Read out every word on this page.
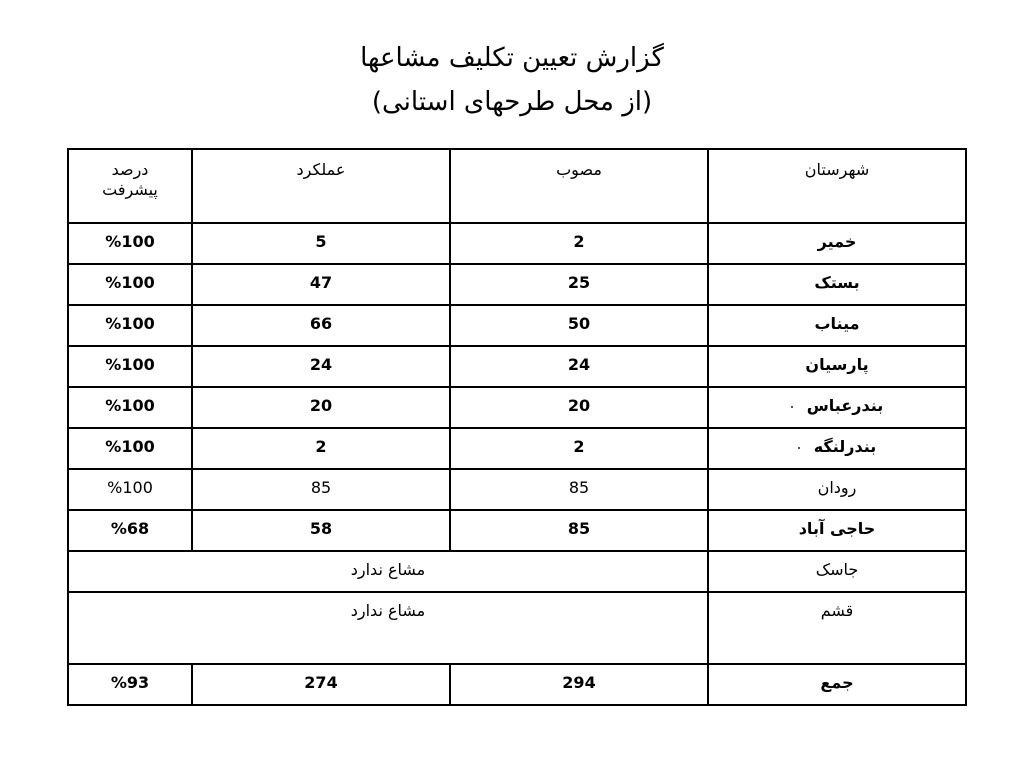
گزارش تعیین تکلیف مشاعها
(از محل طرحهای استانی)
شهرستان	مصوب	عملکرد	درصد
پیشرفت

خمیر	2	5	%100
بستک	25	47	%100
میناب	50	66	%100
پارسیان	24	24	%100
بندرعباس	20	20	%100
بندرلنگه	2	2	%100
رودان	85	85	%100
حاجی آباد	85	58	%68
جاسک	مشاع ندارد		
قشم	مشاع ندارد		
جمع	294	274	%93
